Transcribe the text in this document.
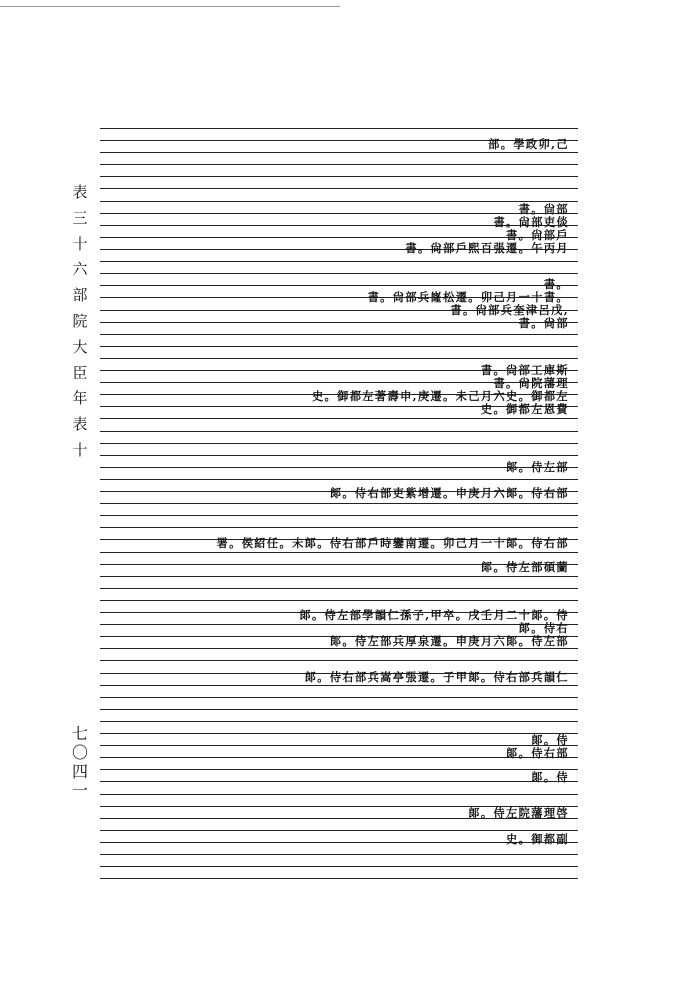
表
三
十
六
部
院
大
臣
年
表
十
七
〇
四
一
部。學政卯,己
書。尙部
書。尙部吏倓
書。尙部戶
書。尙部戶熙百張遷。午丙月
書。
書。尙部兵嶐松遷。卯己月一十書。
書。尙部兵奎津呂戊,
書。尙部
書。尙部工庫斯
書。尙院藩理
史。御都左著壽申,庚遷。未己月六史。御都左
史。御都左恩費
郞。侍左部
郞。侍右部吏紫增遷。申庚月六郞。侍右部
署。侯紹任。未郞。侍右部戶時鑾南遷。卯己月一十郞。侍右部
郞。侍左部碩蘭
郞。侍左部學韻仁孫子,甲卒。戌壬月二十郞。侍
郞。侍右
郞。侍左部兵厚泉遷。申庚月六郞。侍左部
郞。侍右部兵嵩亭張遷。子甲郞。侍右部兵韻仁
郞。侍
郞。侍右部
郞。侍
郞。侍左院藩理啓
史。御都副
